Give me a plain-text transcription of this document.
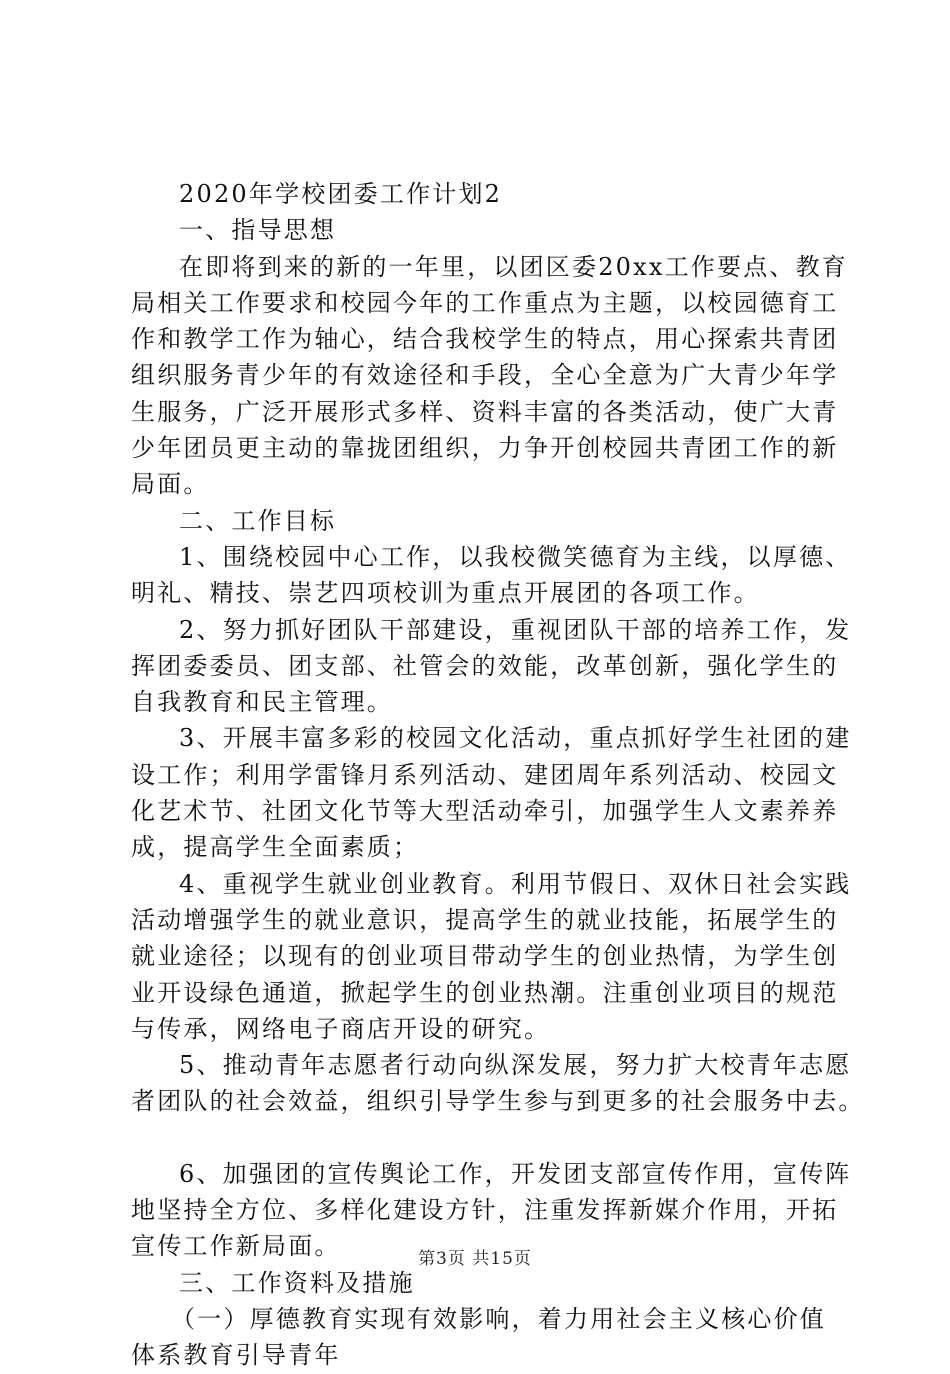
2020年学校团委工作计划2
一、指导思想
在即将到来的新的一年里，以团区委20xx工作要点、教育
局相关工作要求和校园今年的工作重点为主题，以校园德育工
作和教学工作为轴心，结合我校学生的特点，用心探索共青团
组织服务青少年的有效途径和手段，全心全意为广大青少年学
生服务，广泛开展形式多样、资料丰富的各类活动，使广大青
少年团员更主动的靠拢团组织，力争开创校园共青团工作的新
局面。
二、工作目标
1、围绕校园中心工作，以我校微笑德育为主线，以厚德、
明礼、精技、崇艺四项校训为重点开展团的各项工作。
2、努力抓好团队干部建设，重视团队干部的培养工作，发
挥团委委员、团支部、社管会的效能，改革创新，强化学生的
自我教育和民主管理。
3、开展丰富多彩的校园文化活动，重点抓好学生社团的建
设工作；利用学雷锋月系列活动、建团周年系列活动、校园文
化艺术节、社团文化节等大型活动牵引，加强学生人文素养养
成，提高学生全面素质；
4、重视学生就业创业教育。利用节假日、双休日社会实践
活动增强学生的就业意识，提高学生的就业技能，拓展学生的
就业途径；以现有的创业项目带动学生的创业热情，为学生创
业开设绿色通道，掀起学生的创业热潮。注重创业项目的规范
与传承，网络电子商店开设的研究。
5、推动青年志愿者行动向纵深发展，努力扩大校青年志愿
者团队的社会效益，组织引导学生参与到更多的社会服务中去。
6、加强团的宣传舆论工作，开发团支部宣传作用，宣传阵
地坚持全方位、多样化建设方针，注重发挥新媒介作用，开拓
宣传工作新局面。
三、工作资料及措施
（一）厚德教育实现有效影响，着力用社会主义核心价值
体系教育引导青年
第3页 共15页
